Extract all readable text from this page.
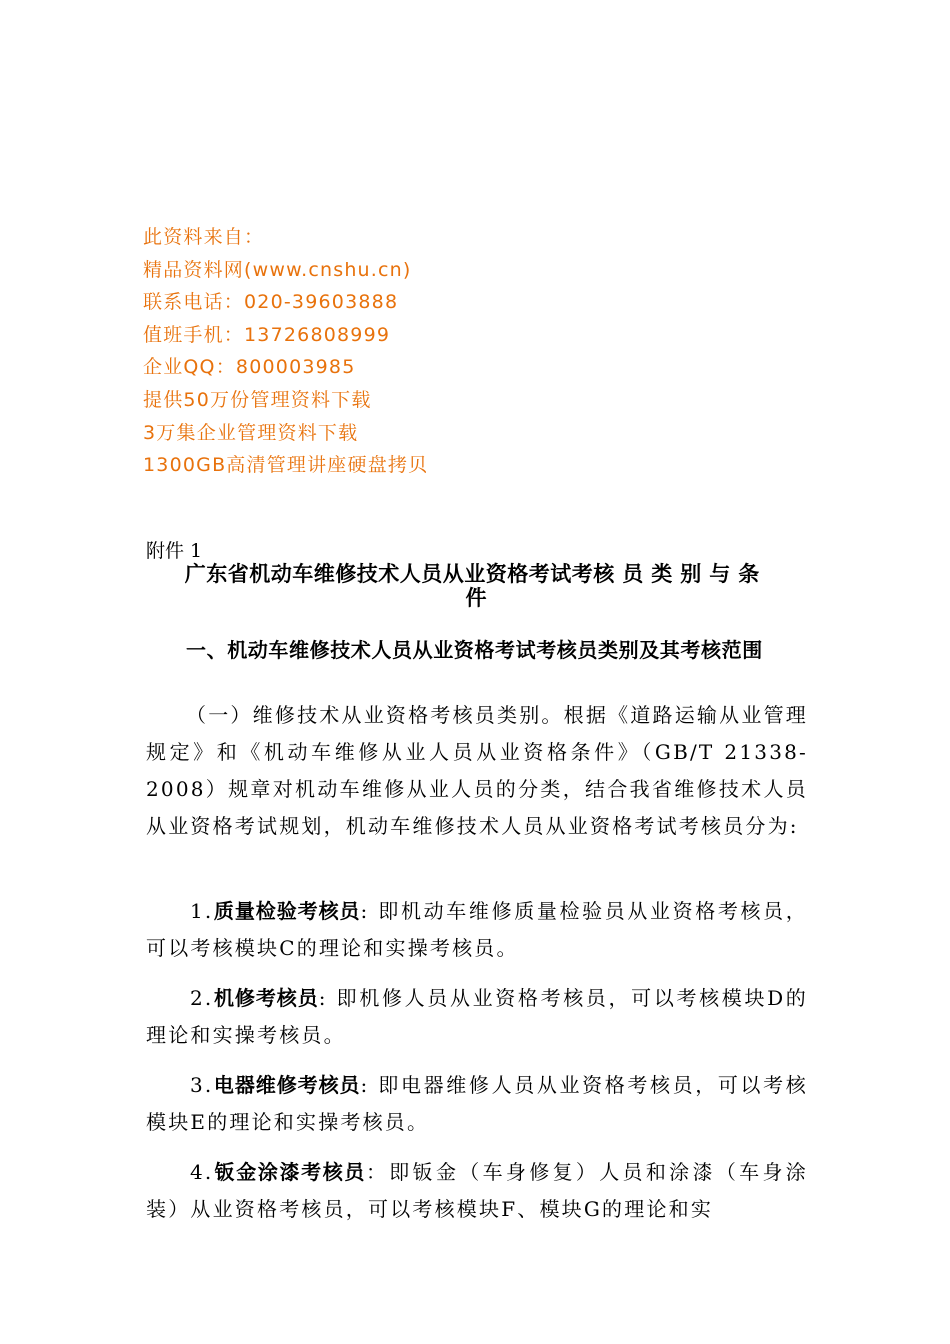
此资料来自：
精品资料网(www.cnshu.cn)
联系电话：020-39603888
值班手机：13726808999
企业QQ：800003985
提供50万份管理资料下载
3万集企业管理资料下载
1300GB高清管理讲座硬盘拷贝
附件 1
广东省机动车维修技术人员从业资格考试考核员类别与条
件
一、机动车维修技术人员从业资格考试考核员类别及其考核范围
（一）维修技术从业资格考核员类别。根据《道路运输从业管理规定》和《机动车维修从业人员从业资格条件》（GB/T 21338-2008）规章对机动车维修从业人员的分类，结合我省维修技术人员从业资格考试规划，机动车维修技术人员从业资格考试考核员分为:
1.质量检验考核员: 即机动车维修质量检验员从业资格考核员，可以考核模块C的理论和实操考核员。
2.机修考核员: 即机修人员从业资格考核员，可以考核模块D的理论和实操考核员。
3.电器维修考核员: 即电器维修人员从业资格考核员，可以考核模块E的理论和实操考核员。
4.钣金涂漆考核员：即钣金（车身修复）人员和涂漆（车身涂装）从业资格考核员，可以考核模块F、模块G的理论和实
